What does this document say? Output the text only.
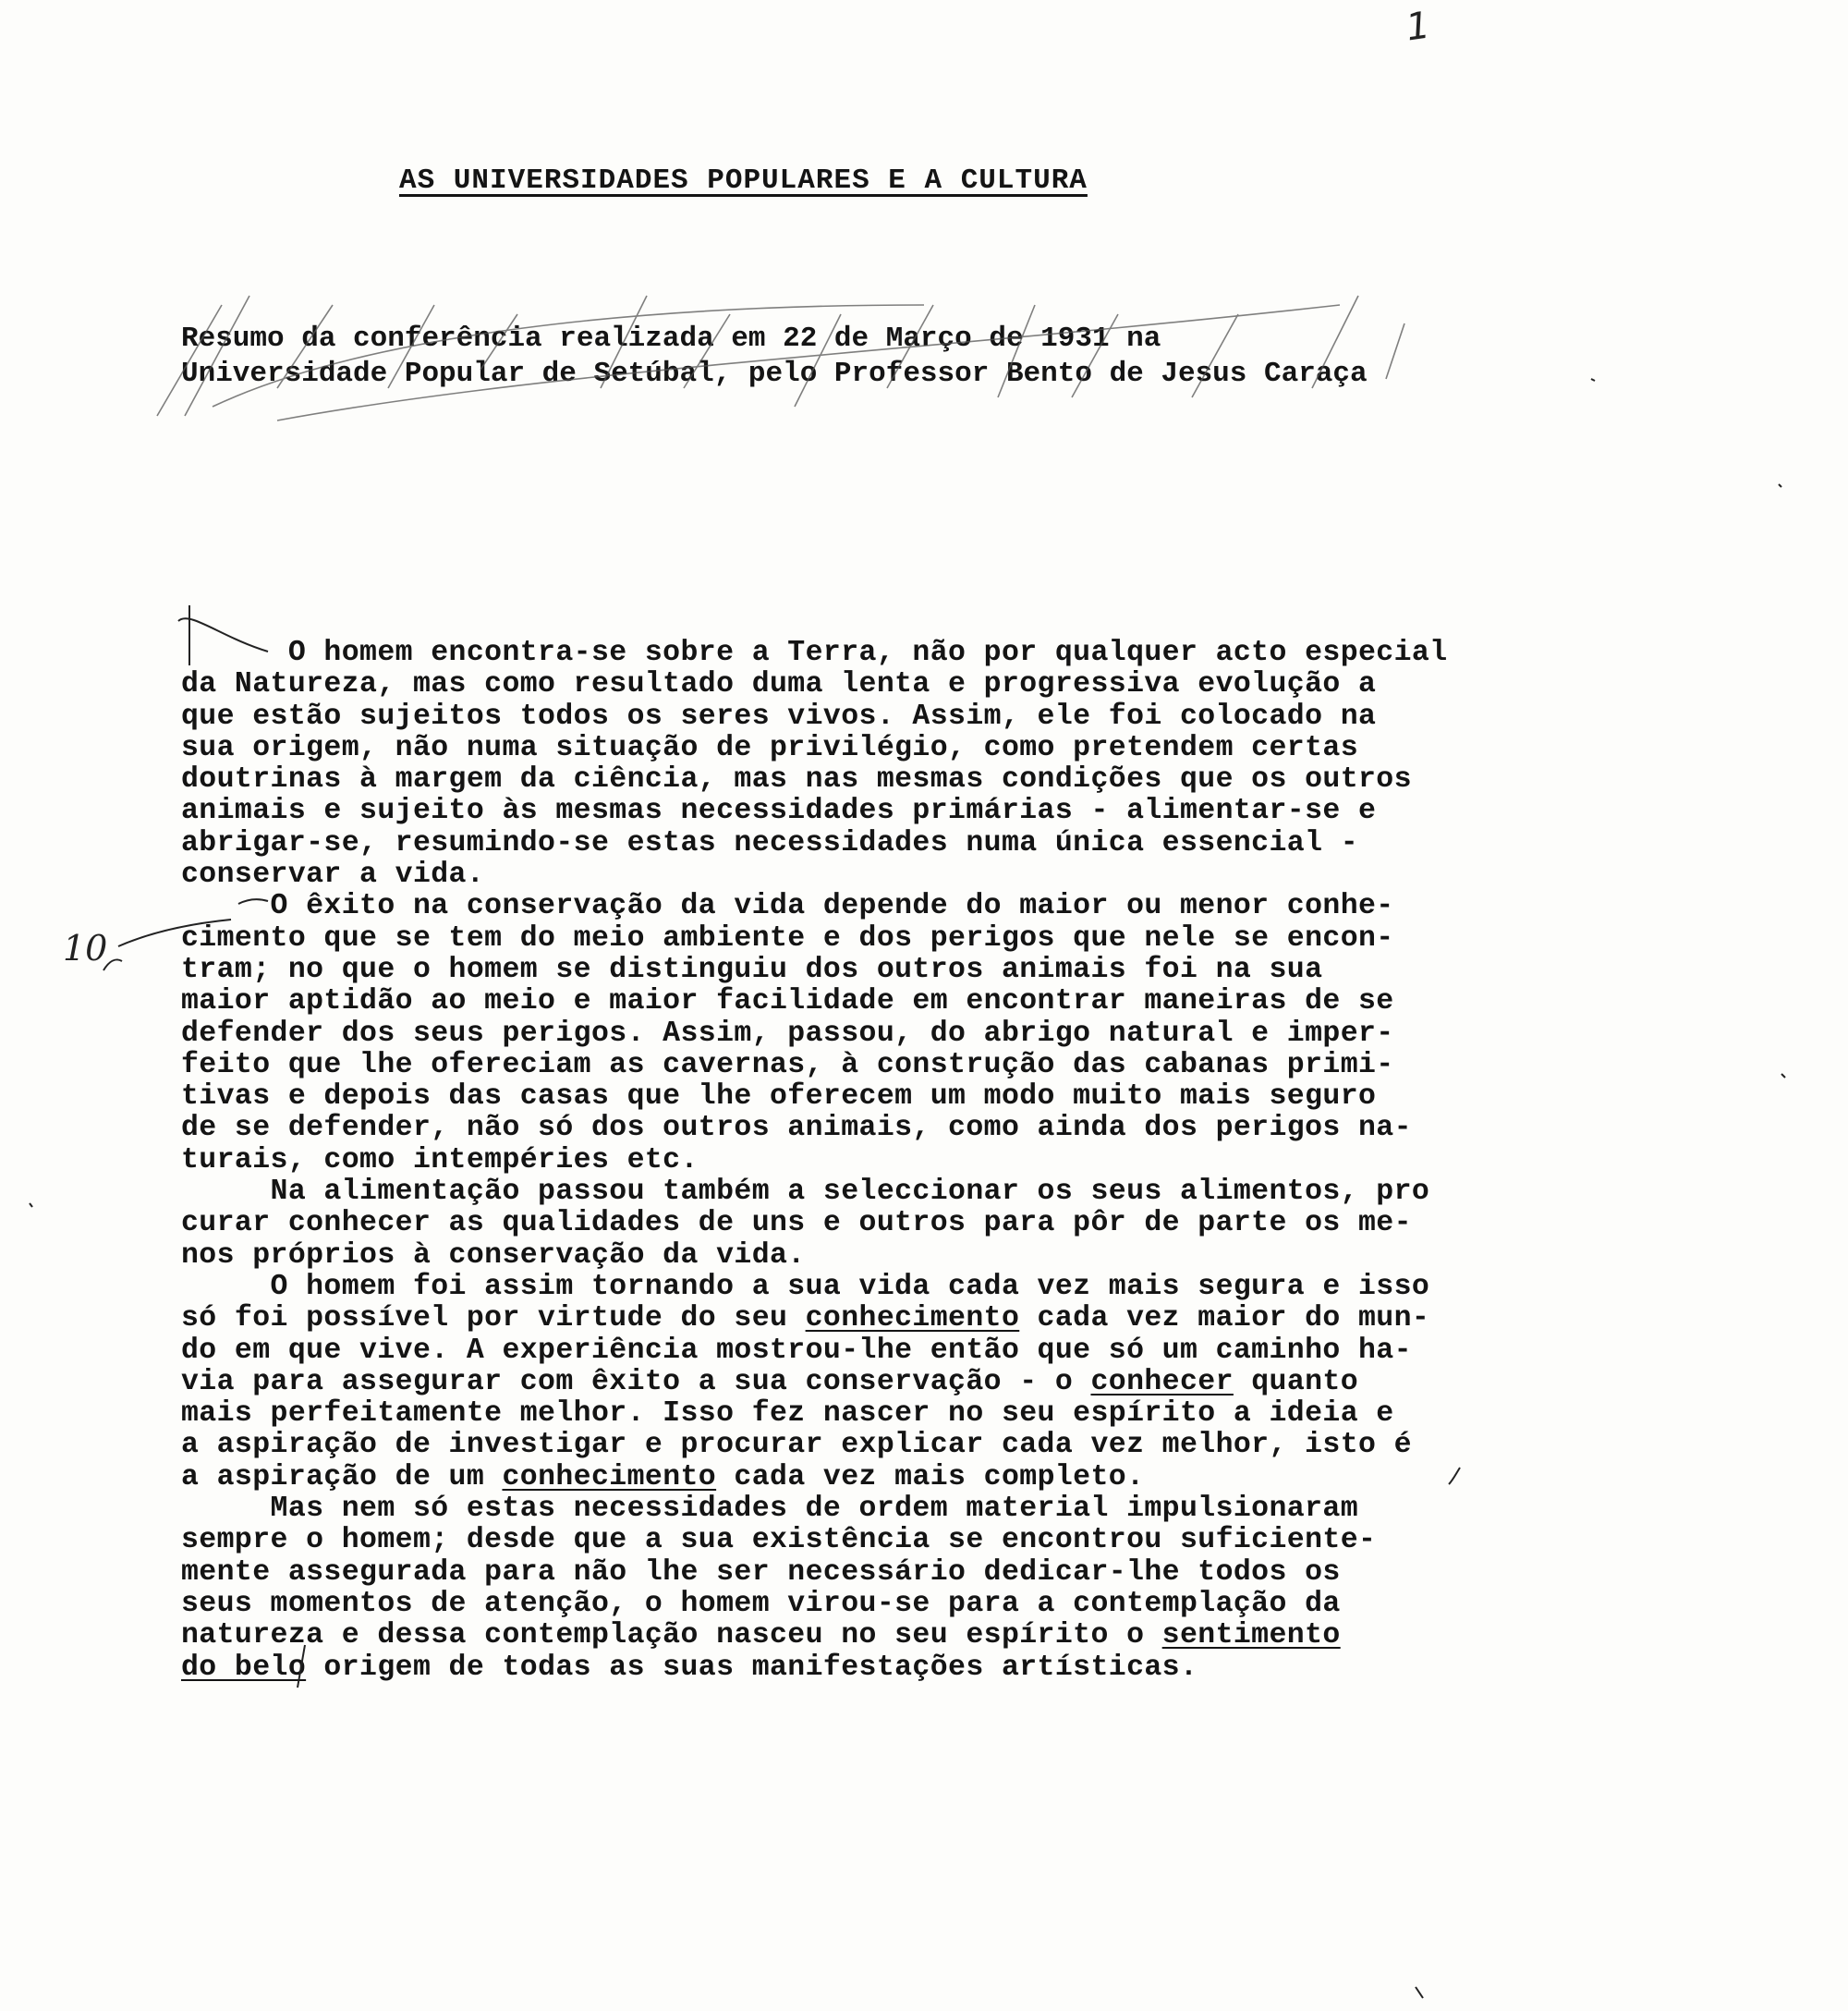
1
AS UNIVERSIDADES POPULARES E A CULTURA
Resumo da conferência realizada em 22 de Março de 1931 na
Universidade Popular de Setúbal, pelo Professor Bento de Jesus Caraça
O homem encontra-se sobre a Terra, não por qualquer acto especial
da Natureza, mas como resultado duma lenta e progressiva evolução a
que estão sujeitos todos os seres vivos. Assim, ele foi colocado na
sua origem, não numa situação de privilégio, como pretendem certas
doutrinas à margem da ciência, mas nas mesmas condições que os outros
animais e sujeito às mesmas necessidades primárias - alimentar-se e
abrigar-se, resumindo-se estas necessidades numa única essencial -
conservar a vida.
O êxito na conservação da vida depende do maior ou menor conhe-
cimento que se tem do meio ambiente e dos perigos que nele se encon-
tram; no que o homem se distinguiu dos outros animais foi na sua
maior aptidão ao meio e maior facilidade em encontrar maneiras de se
defender dos seus perigos. Assim, passou, do abrigo natural e imper-
feito que lhe ofereciam as cavernas, à construção das cabanas primi-
tivas e depois das casas que lhe oferecem um modo muito mais seguro
de se defender, não só dos outros animais, como ainda dos perigos na-
turais, como intempéries etc.
Na alimentação passou também a seleccionar os seus alimentos, pro
curar conhecer as qualidades de uns e outros para pôr de parte os me-
nos próprios à conservação da vida.
O homem foi assim tornando a sua vida cada vez mais segura e isso
só foi possível por virtude do seu conhecimento cada vez maior do mun-
do em que vive. A experiência mostrou-lhe então que só um caminho ha-
via para assegurar com êxito a sua conservação - o conhecer quanto
mais perfeitamente melhor. Isso fez nascer no seu espírito a ideia e
a aspiração de investigar e procurar explicar cada vez melhor, isto é
a aspiração de um conhecimento cada vez mais completo.
Mas nem só estas necessidades de ordem material impulsionaram
sempre o homem; desde que a sua existência se encontrou suficiente-
mente assegurada para não lhe ser necessário dedicar-lhe todos os
seus momentos de atenção, o homem virou-se para a contemplação da
natureza e dessa contemplação nasceu no seu espírito o sentimento
do belo origem de todas as suas manifestações artísticas.
10
